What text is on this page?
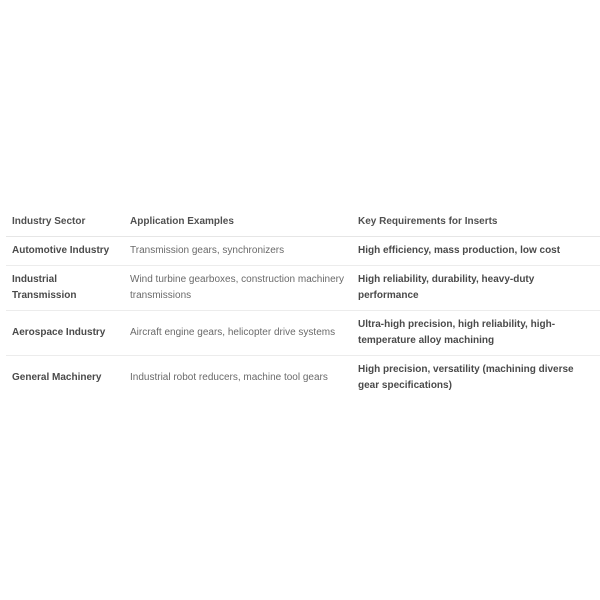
Industry Sector	Application Examples	Key Requirements for Inserts
Automotive Industry	Transmission gears, synchronizers	High efficiency, mass production, low cost
Industrial Transmission	Wind turbine gearboxes, construction machinery transmissions	High reliability, durability, heavy-duty performance
Aerospace Industry	Aircraft engine gears, helicopter drive systems	Ultra-high precision, high reliability, high-temperature alloy machining
General Machinery	Industrial robot reducers, machine tool gears	High precision, versatility (machining diverse gear specifications)
